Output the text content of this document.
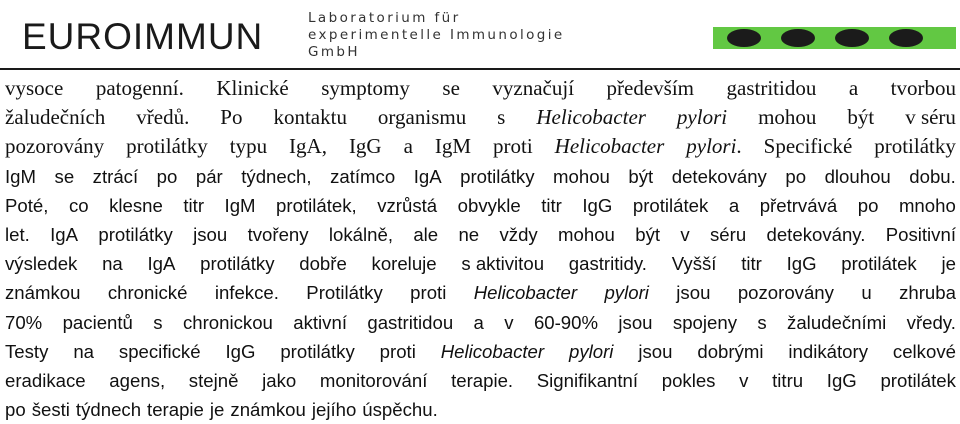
EUROIMMUN	Laboratorium für
experimentelle Immunologie
GmbH
vysoce patogenní. Klinické symptomy se vyznačují především gastritidou a tvorbou
žaludečních vředů. Po kontaktu organismu s Helicobacter pylori mohou být v séru
pozorovány protilátky typu IgA, IgG a IgM proti Helicobacter pylori. Specifické protilátky
IgM se ztrácí po pár týdnech, zatímco IgA protilátky mohou být detekovány po dlouhou dobu.
Poté, co klesne titr IgM protilátek, vzrůstá obvykle titr IgG protilátek a přetrvává po mnoho
let. IgA protilátky jsou tvořeny lokálně, ale ne vždy mohou být v séru detekovány. Positivní
výsledek na IgA protilátky dobře koreluje s aktivitou gastritidy. Vyšší titr IgG protilátek je
známkou chronické infekce. Protilátky proti Helicobacter pylori jsou pozorovány u zhruba
70% pacientů s chronickou aktivní gastritidou a v 60-90% jsou spojeny s žaludečními vředy.
Testy na specifické IgG protilátky proti Helicobacter pylori jsou dobrými indikátory celkové
eradikace agens, stejně jako monitorování terapie. Signifikantní pokles v titru IgG protilátek
po šesti týdnech terapie je známkou jejího úspěchu.
